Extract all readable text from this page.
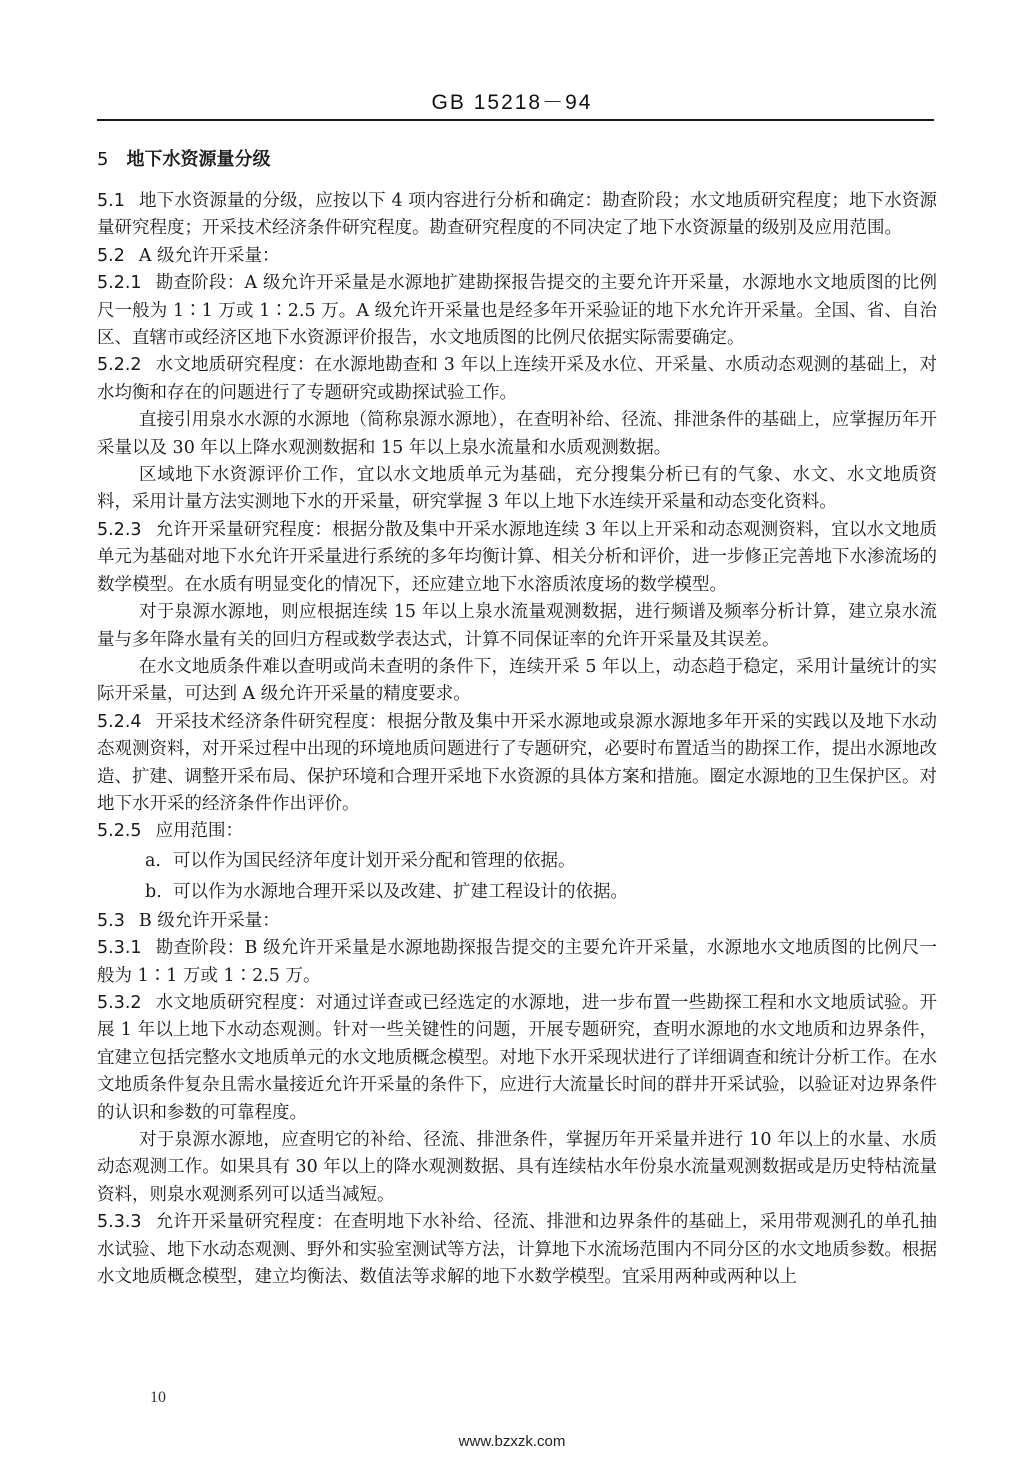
GB 15218－94
5 地下水资源量分级

5.1 地下水资源量的分级，应按以下 4 项内容进行分析和确定：勘查阶段；水文地质研究程度；地下水资源量研究程度；开采技术经济条件研究程度。勘查研究程度的不同决定了地下水资源量的级别及应用范围。

5.2 A 级允许开采量：

5.2.1 勘查阶段：A 级允许开采量是水源地扩建勘探报告提交的主要允许开采量，水源地水文地质图的比例尺一般为 1∶1 万或 1∶2.5 万。A 级允许开采量也是经多年开采验证的地下水允许开采量。全国、省、自治区、直辖市或经济区地下水资源评价报告，水文地质图的比例尺依据实际需要确定。

5.2.2 水文地质研究程度：在水源地勘查和 3 年以上连续开采及水位、开采量、水质动态观测的基础上，对水均衡和存在的问题进行了专题研究或勘探试验工作。

直接引用泉水水源的水源地（简称泉源水源地），在查明补给、径流、排泄条件的基础上，应掌握历年开采量以及 30 年以上降水观测数据和 15 年以上泉水流量和水质观测数据。

区域地下水资源评价工作，宜以水文地质单元为基础，充分搜集分析已有的气象、水文、水文地质资料，采用计量方法实测地下水的开采量，研究掌握 3 年以上地下水连续开采量和动态变化资料。

5.2.3 允许开采量研究程度：根据分散及集中开采水源地连续 3 年以上开采和动态观测资料，宜以水文地质单元为基础对地下水允许开采量进行系统的多年均衡计算、相关分析和评价，进一步修正完善地下水渗流场的数学模型。在水质有明显变化的情况下，还应建立地下水溶质浓度场的数学模型。

对于泉源水源地，则应根据连续 15 年以上泉水流量观测数据，进行频谱及频率分析计算，建立泉水流量与多年降水量有关的回归方程或数学表达式，计算不同保证率的允许开采量及其误差。

在水文地质条件难以查明或尚未查明的条件下，连续开采 5 年以上，动态趋于稳定，采用计量统计的实际开采量，可达到 A 级允许开采量的精度要求。

5.2.4 开采技术经济条件研究程度：根据分散及集中开采水源地或泉源水源地多年开采的实践以及地下水动态观测资料，对开采过程中出现的环境地质问题进行了专题研究，必要时布置适当的勘探工作，提出水源地改造、扩建、调整开采布局、保护环境和合理开采地下水资源的具体方案和措施。圈定水源地的卫生保护区。对地下水开采的经济条件作出评价。

5.2.5 应用范围：

a. 可以作为国民经济年度计划开采分配和管理的依据。

b. 可以作为水源地合理开采以及改建、扩建工程设计的依据。

5.3 B 级允许开采量：

5.3.1 勘查阶段：B 级允许开采量是水源地勘探报告提交的主要允许开采量，水源地水文地质图的比例尺一般为 1∶1 万或 1∶2.5 万。

5.3.2 水文地质研究程度：对通过详查或已经选定的水源地，进一步布置一些勘探工程和水文地质试验。开展 1 年以上地下水动态观测。针对一些关键性的问题，开展专题研究，查明水源地的水文地质和边界条件，宜建立包括完整水文地质单元的水文地质概念模型。对地下水开采现状进行了详细调查和统计分析工作。在水文地质条件复杂且需水量接近允许开采量的条件下，应进行大流量长时间的群井开采试验，以验证对边界条件的认识和参数的可靠程度。

对于泉源水源地，应查明它的补给、径流、排泄条件，掌握历年开采量并进行 10 年以上的水量、水质动态观测工作。如果具有 30 年以上的降水观测数据、具有连续枯水年份泉水流量观测数据或是历史特枯流量资料，则泉水观测系列可以适当减短。

5.3.3 允许开采量研究程度：在查明地下水补给、径流、排泄和边界条件的基础上，采用带观测孔的单孔抽水试验、地下水动态观测、野外和实验室测试等方法，计算地下水流场范围内不同分区的水文地质参数。根据水文地质概念模型，建立均衡法、数值法等求解的地下水数学模型。宜采用两种或两种以上

10
www.bzxzk.com
